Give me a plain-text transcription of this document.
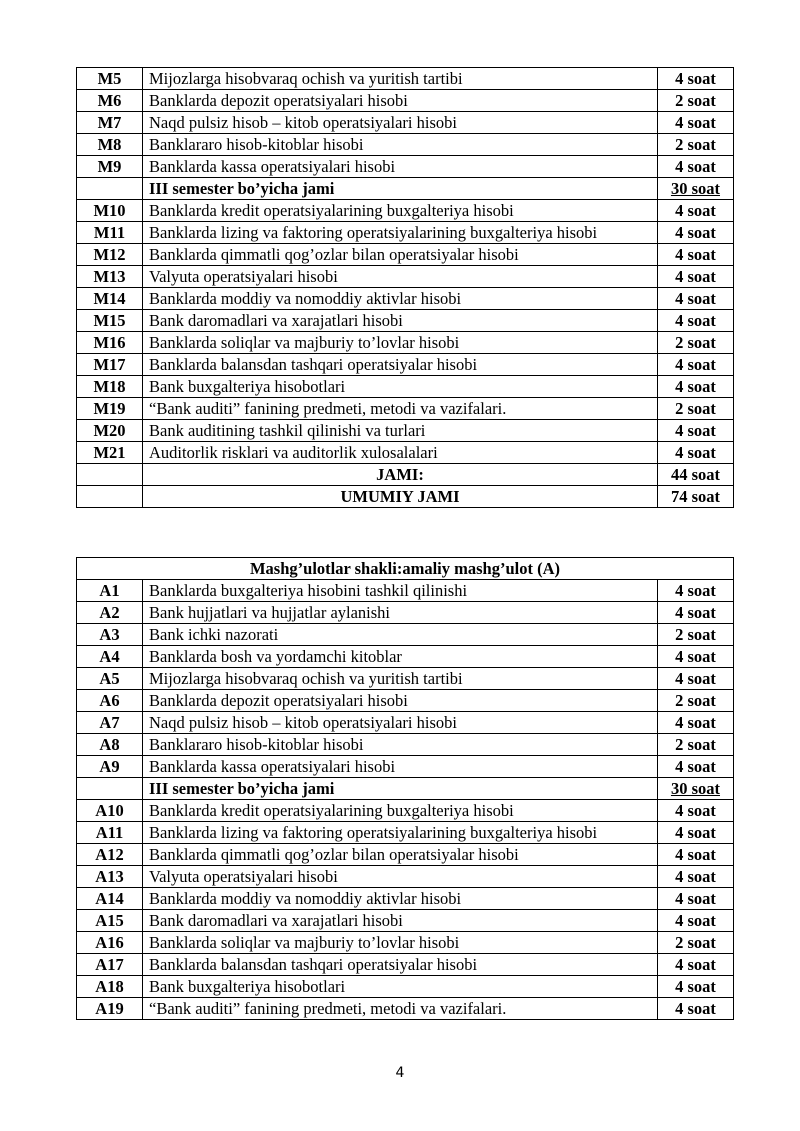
M5	Mijozlarga hisobvaraq ochish va yuritish tartibi	4 soat
M6	Banklarda depozit operatsiyalari hisobi	2 soat
M7	Naqd pulsiz hisob – kitob operatsiyalari hisobi	4 soat
M8	Banklararo hisob-kitoblar hisobi	2 soat
M9	Banklarda kassa operatsiyalari hisobi	4 soat
	III semester bo’yicha jami	30 soat
M10	Banklarda kredit operatsiyalarining buxgalteriya hisobi	4 soat
M11	Banklarda lizing va faktoring operatsiyalarining buxgalteriya hisobi	4 soat
M12	Banklarda qimmatli qog’ozlar bilan operatsiyalar hisobi	4 soat
M13	Valyuta operatsiyalari hisobi	4 soat
M14	Banklarda moddiy va nomoddiy aktivlar hisobi	4 soat
M15	Bank daromadlari va xarajatlari hisobi	4 soat
M16	Banklarda soliqlar va majburiy to’lovlar hisobi	2 soat
M17	Banklarda balansdan tashqari operatsiyalar hisobi	4 soat
M18	Bank buxgalteriya hisobotlari	4 soat
M19	“Bank auditi” fanining predmeti, metodi va vazifalari.	2 soat
M20	Bank auditining tashkil qilinishi va turlari	4 soat
M21	Auditorlik risklari va auditorlik xulosalalari	4 soat
	JAMI:	44 soat
	UMUMIY JAMI	74 soat
Mashg’ulotlar shakli:amaliy mashg’ulot (A)		
A1	Banklarda buxgalteriya hisobini tashkil qilinishi	4 soat
A2	Bank hujjatlari va hujjatlar aylanishi	4 soat
A3	Bank ichki nazorati	2 soat
A4	Banklarda bosh va yordamchi kitoblar	4 soat
A5	Mijozlarga hisobvaraq ochish va yuritish tartibi	4 soat
A6	Banklarda depozit operatsiyalari hisobi	2 soat
A7	Naqd pulsiz hisob – kitob operatsiyalari hisobi	4 soat
A8	Banklararo hisob-kitoblar hisobi	2 soat
A9	Banklarda kassa operatsiyalari hisobi	4 soat
	III semester bo’yicha jami	30 soat
A10	Banklarda kredit operatsiyalarining buxgalteriya hisobi	4 soat
A11	Banklarda lizing va faktoring operatsiyalarining buxgalteriya hisobi	4 soat
A12	Banklarda qimmatli qog’ozlar bilan operatsiyalar hisobi	4 soat
A13	Valyuta operatsiyalari hisobi	4 soat
A14	Banklarda moddiy va nomoddiy aktivlar hisobi	4 soat
A15	Bank daromadlari va xarajatlari hisobi	4 soat
A16	Banklarda soliqlar va majburiy to’lovlar hisobi	2 soat
A17	Banklarda balansdan tashqari operatsiyalar hisobi	4 soat
A18	Bank buxgalteriya hisobotlari	4 soat
A19	“Bank auditi” fanining predmeti, metodi va vazifalari.	4 soat
4
